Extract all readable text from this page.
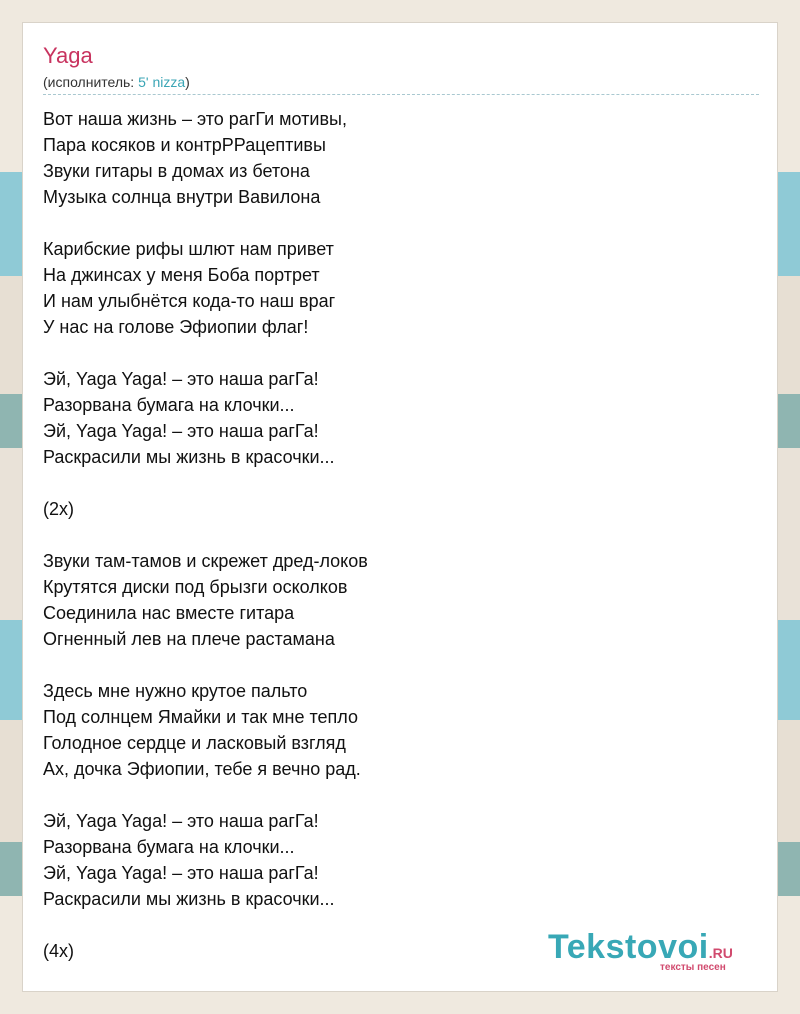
Yaga
(исполнитель: 5' nizza)
Вот наша жизнь – это рагГи мотивы,
Пара косяков и контрРРацептивы
Звуки гитары в домах из бетона
Музыка солнца внутри Вавилона
Карибские рифы шлют нам привет
На джинсах у меня Боба портрет
И нам улыбнётся кода-то наш враг
У нас на голове Эфиопии флаг!
Эй, Yaga Yaga! – это наша рагГа!
Разорвана бумага на клочки...
Эй, Yaga Yaga! – это наша рагГа!
Раскрасили мы жизнь в красочки...
(2x)
Звуки там-тамов и скрежет дред-локов
Крутятся диски под брызги осколков
Соединила нас вместе гитара
Огненный лев на плече растамана
Здесь мне нужно крутое пальто
Под солнцем Ямайки и так мне тепло
Голодное сердце и ласковый взгляд
Ах, дочка Эфиопии, тебе я вечно рад.
Эй, Yaga Yaga! – это наша рагГа!
Разорвана бумага на клочки...
Эй, Yaga Yaga! – это наша рагГа!
Раскрасили мы жизнь в красочки...
(4x)	Tekstovoi.RU
тексты песен
